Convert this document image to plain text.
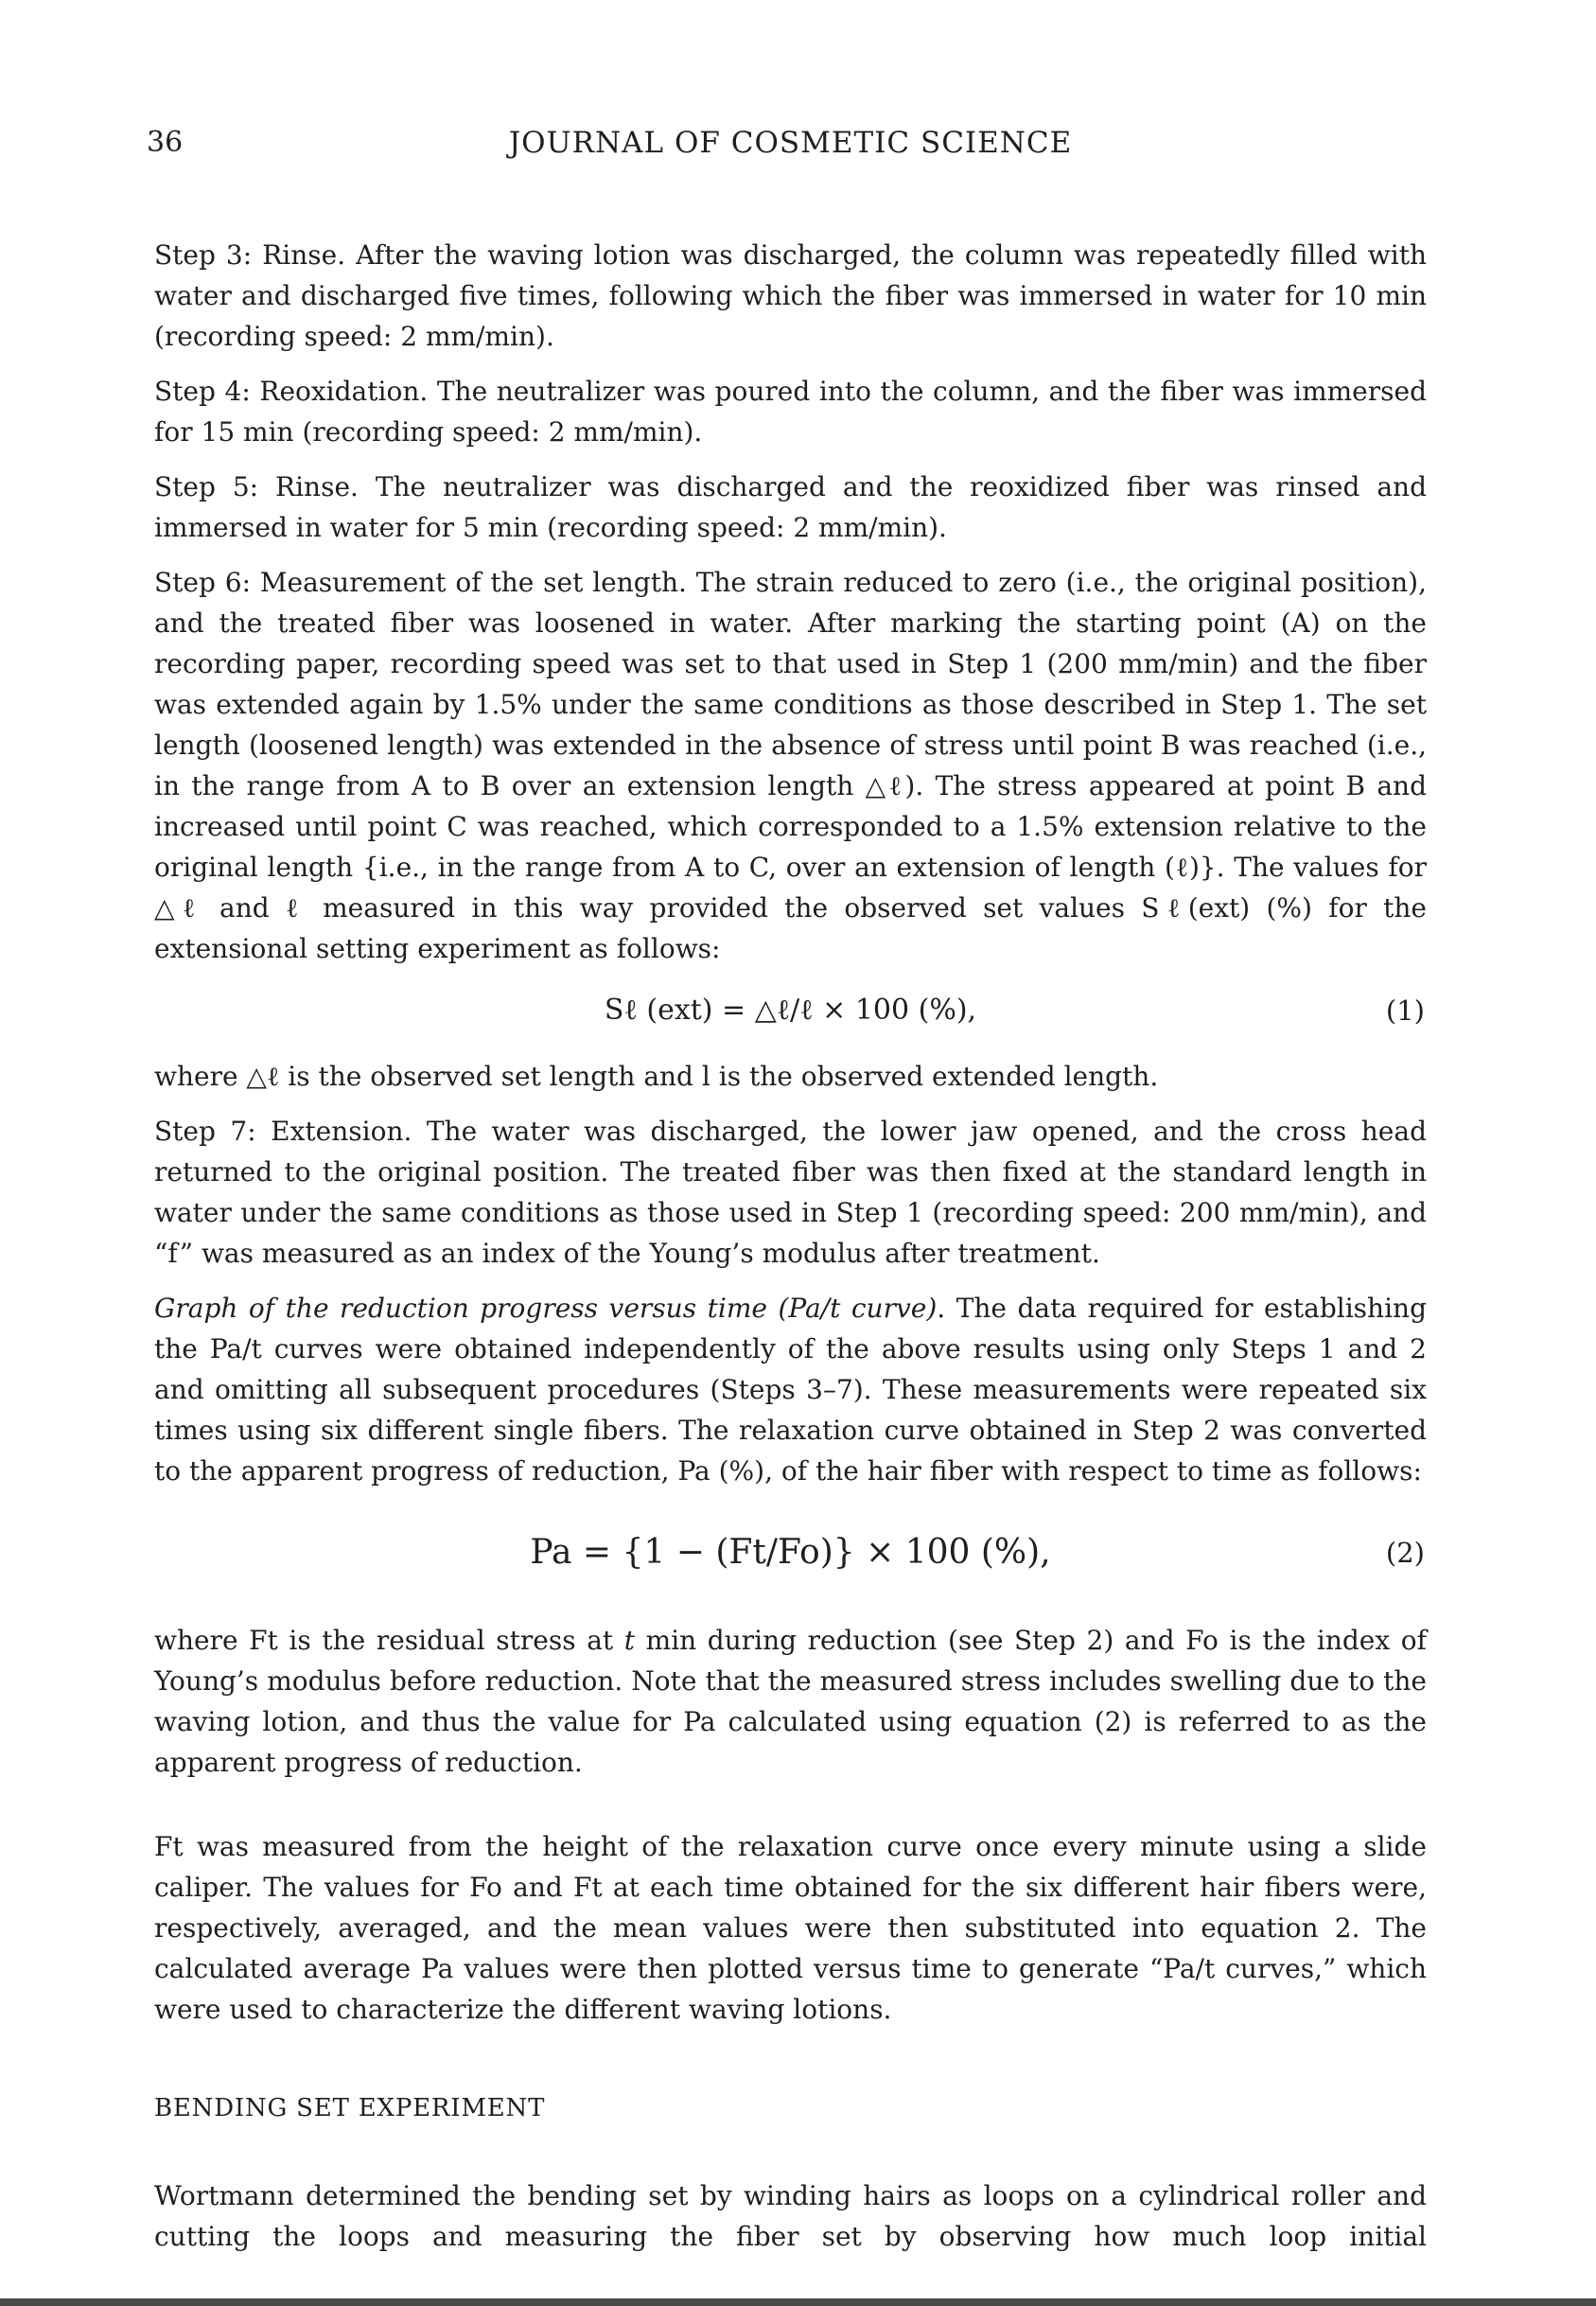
36	JOURNAL OF COSMETIC SCIENCE

Step 3: Rinse. After the waving lotion was discharged, the column was repeatedly filled with water and discharged five times, following which the fiber was immersed in water for 10 min (recording speed: 2 mm/min).

Step 4: Reoxidation. The neutralizer was poured into the column, and the fiber was immersed for 15 min (recording speed: 2 mm/min).

Step 5: Rinse. The neutralizer was discharged and the reoxidized fiber was rinsed and immersed in water for 5 min (recording speed: 2 mm/min).

Step 6: Measurement of the set length. The strain reduced to zero (i.e., the original position), and the treated fiber was loosened in water. After marking the starting point (A) on the recording paper, recording speed was set to that used in Step 1 (200 mm/min) and the fiber was extended again by 1.5% under the same conditions as those described in Step 1. The set length (loosened length) was extended in the absence of stress until point B was reached (i.e., in the range from A to B over an extension length △ℓ). The stress appeared at point B and increased until point C was reached, which corresponded to a 1.5% extension relative to the original length {i.e., in the range from A to C, over an extension of length (ℓ)}. The values for △ℓ and ℓ measured in this way provided the observed set values Sℓ(ext) (%) for the extensional setting experiment as follows:

Sℓ (ext) = △ℓ/ℓ × 100 (%),	(1)

where △ℓ is the observed set length and l is the observed extended length.

Step 7: Extension. The water was discharged, the lower jaw opened, and the cross head returned to the original position. The treated fiber was then fixed at the standard length in water under the same conditions as those used in Step 1 (recording speed: 200 mm/min), and “f” was measured as an index of the Young’s modulus after treatment.

Graph of the reduction progress versus time (Pa/t curve). The data required for establishing the Pa/t curves were obtained independently of the above results using only Steps 1 and 2 and omitting all subsequent procedures (Steps 3–7). These measurements were repeated six times using six different single fibers. The relaxation curve obtained in Step 2 was converted to the apparent progress of reduction, Pa (%), of the hair fiber with respect to time as follows:

Pa = {1 − (Ft/Fo)} × 100 (%),	(2)

where Ft is the residual stress at t min during reduction (see Step 2) and Fo is the index of Young’s modulus before reduction. Note that the measured stress includes swelling due to the waving lotion, and thus the value for Pa calculated using equation (2) is referred to as the apparent progress of reduction.

Ft was measured from the height of the relaxation curve once every minute using a slide caliper. The values for Fo and Ft at each time obtained for the six different hair fibers were, respectively, averaged, and the mean values were then substituted into equation 2. The calculated average Pa values were then plotted versus time to generate “Pa/t curves,” which were used to characterize the different waving lotions.

BENDING SET EXPERIMENT

Wortmann determined the bending set by winding hairs as loops on a cylindrical roller and cutting the loops and measuring the fiber set by observing how much loop initial
